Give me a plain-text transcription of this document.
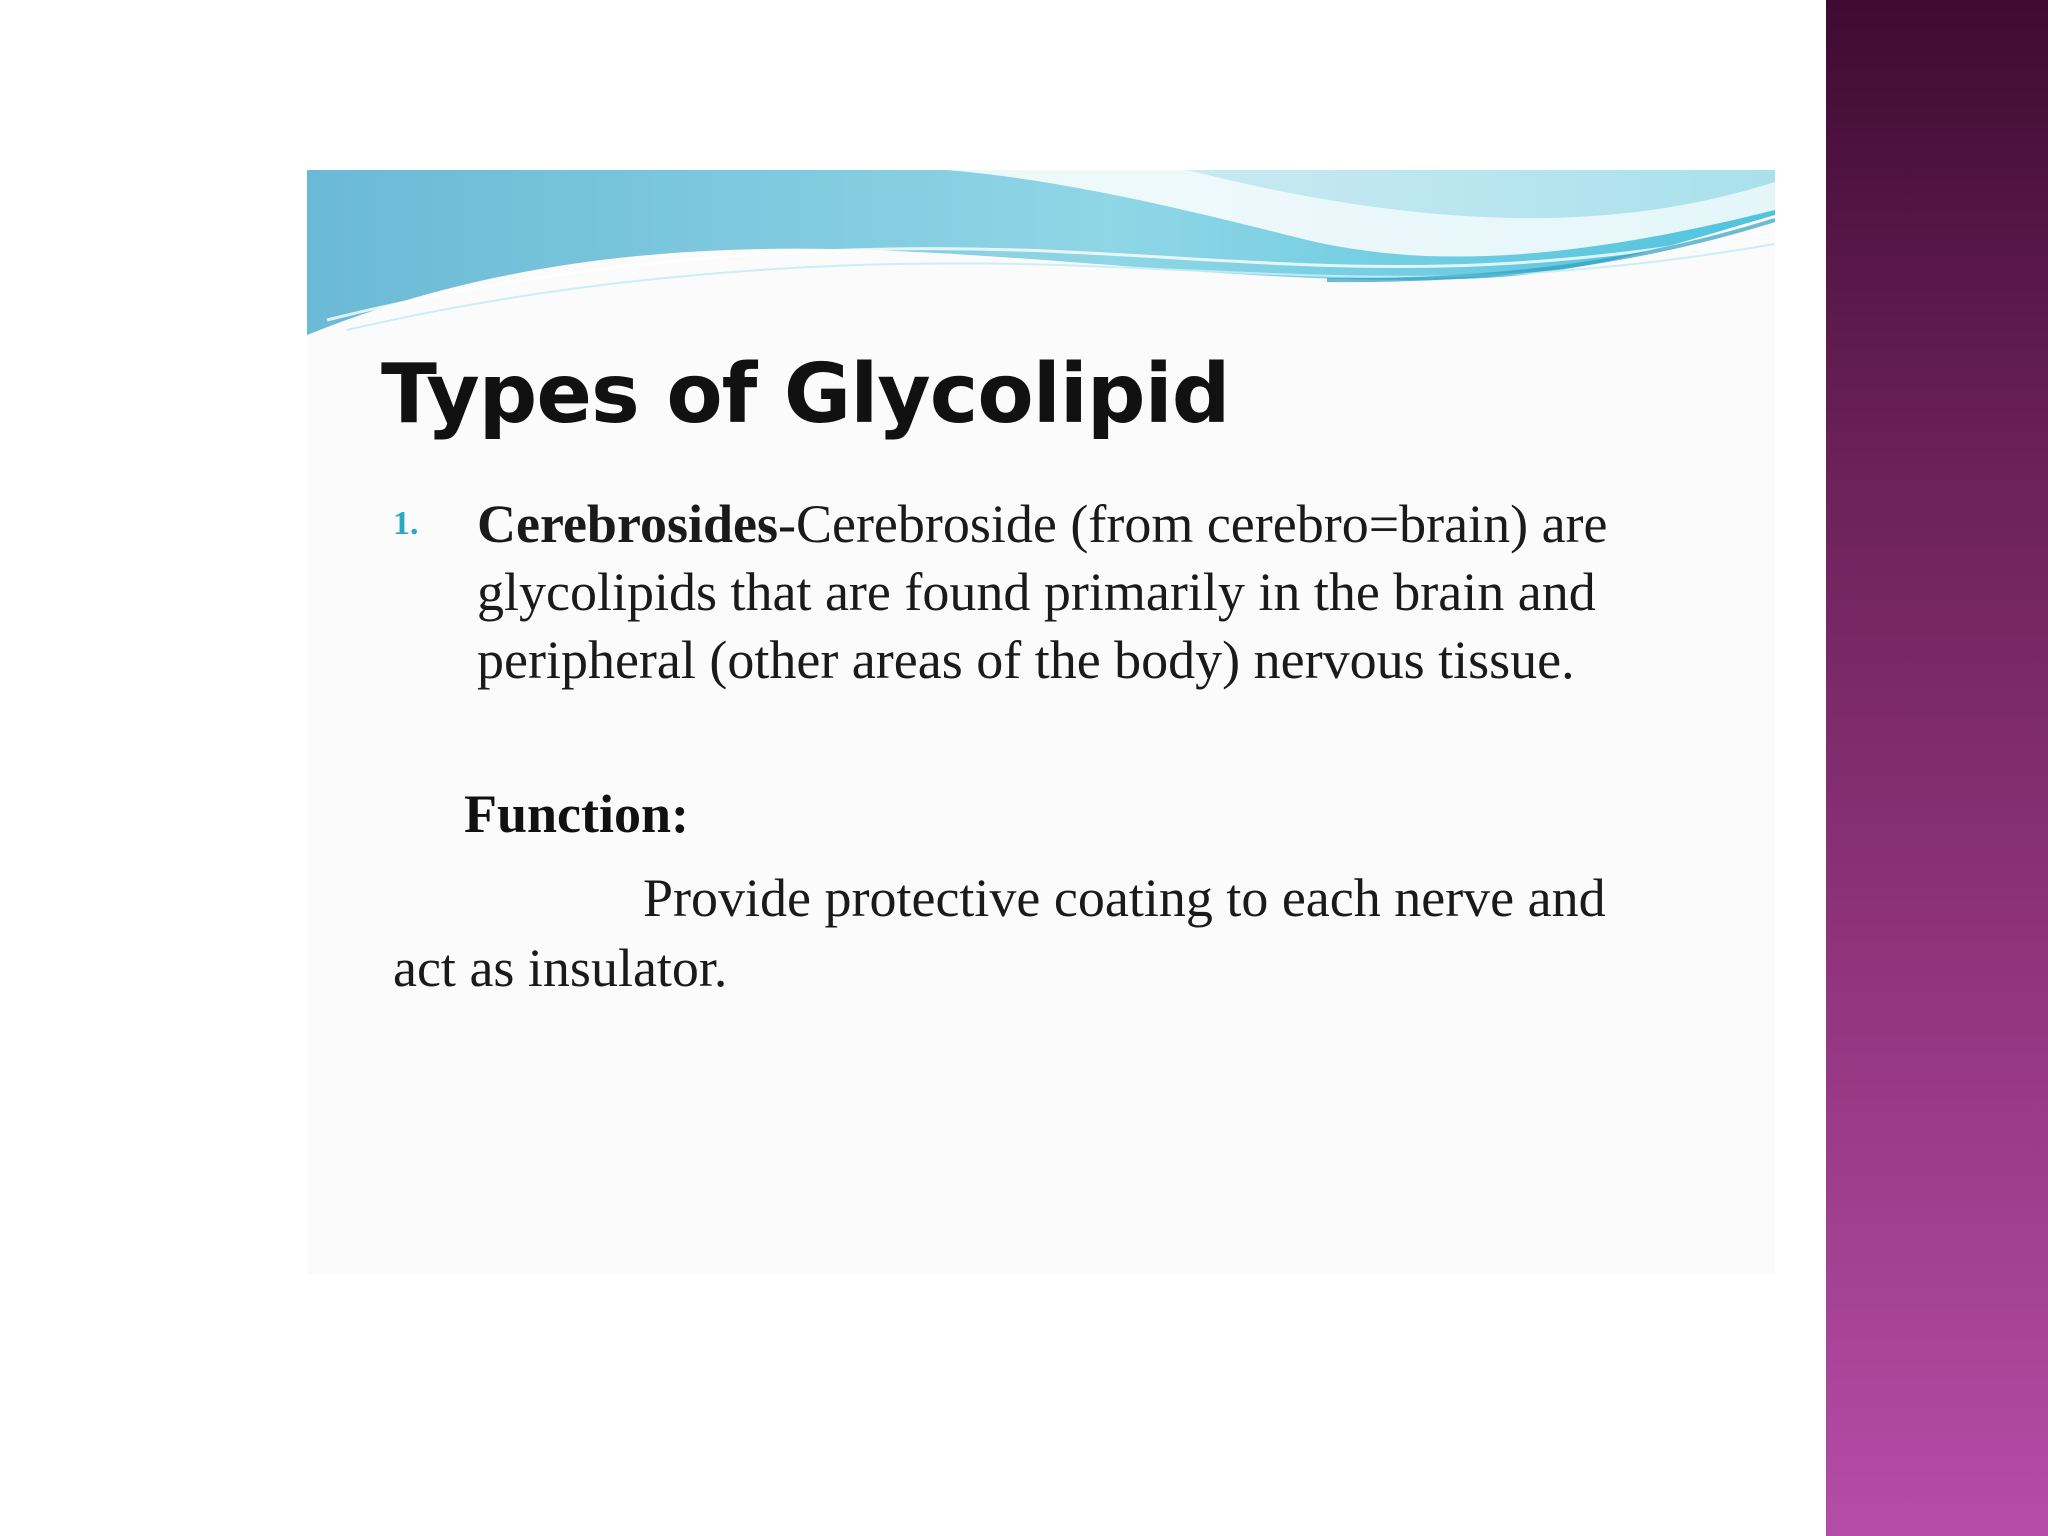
Types of Glycolipid
1. Cerebrosides-Cerebroside (from cerebro=brain) are glycolipids that are found primarily in the brain and peripheral (other areas of the body) nervous tissue.

Function:

Provide protective coating to each nerve and act as insulator.
